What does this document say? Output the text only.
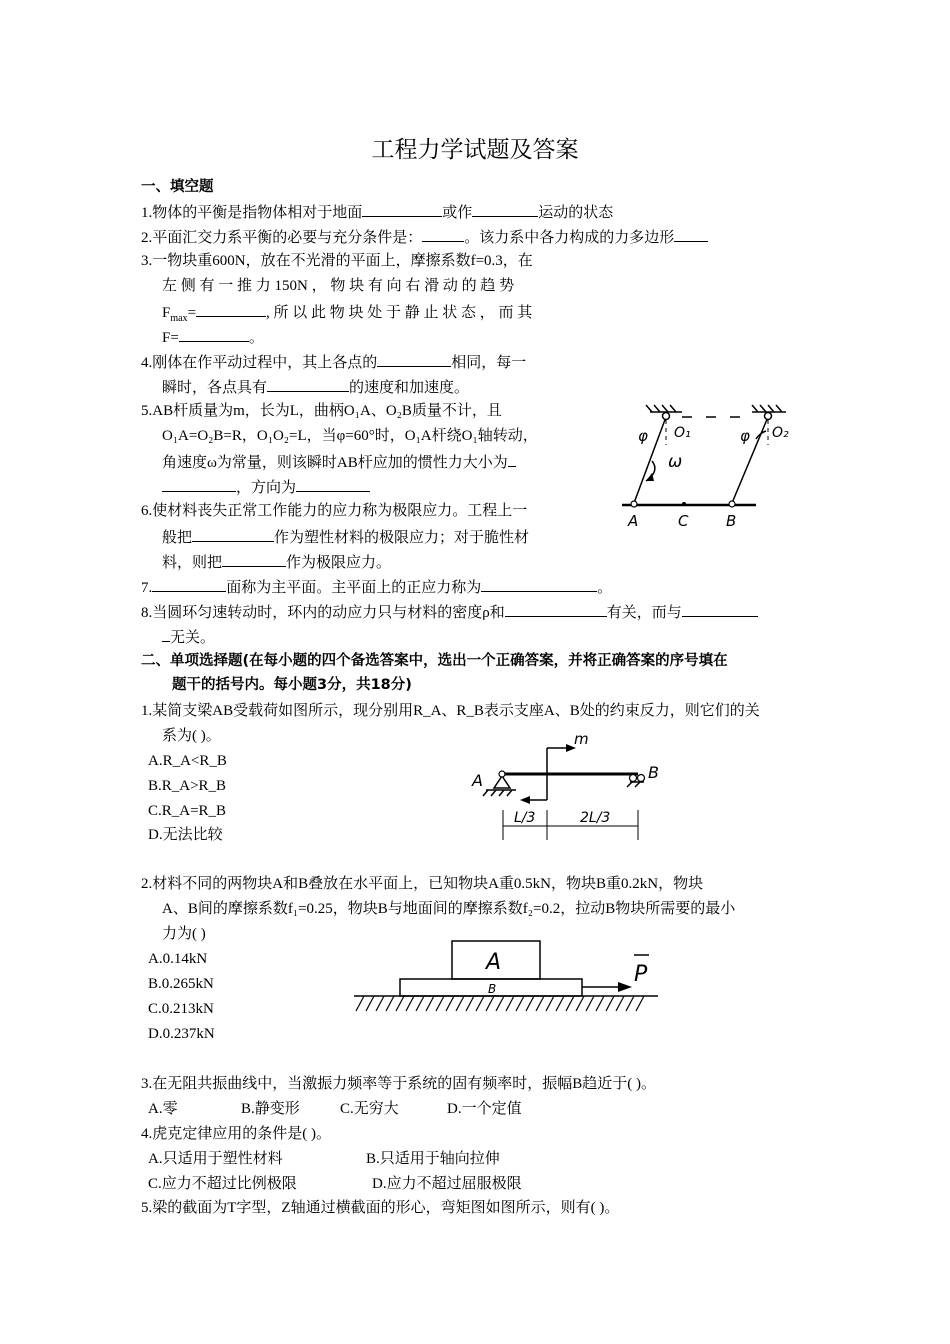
工程力学试题及答案
一、填空题
1.物体的平衡是指物体相对于地面	或作	运动的状态
2.平面汇交力系平衡的必要与充分条件是：	。该力系中各力构成的力多边形
3.一物块重600N，放在不光滑的平面上，摩擦系数f=0.3，在
左 侧 有 一 推 力 150N ， 物 块 有 向 右 滑 动 的 趋 势
$F_{max}=$	, 所 以 此 物 块 处 于 静 止 状 态 ， 而 其
F=	。
4.刚体在作平动过程中，其上各点的	相同，每一
瞬时，各点具有	的速度和加速度。
5.AB杆质量为m，长为L，曲柄O₁A、O₂B质量不计，且
O₁A=O₂B=R，O₁O₂=L，当φ=60°时，O₁A杆绕O₁轴转动，
角速度ω为常量，则该瞬时AB杆应加的惯性力大小为
，方向为
6.使材料丧失正常工作能力的应力称为极限应力。工程上一
般把	作为塑性材料的极限应力；对于脆性材
料，则把	作为极限应力。
7.	面称为主平面。主平面上的正应力称为	。
8.当圆环匀速转动时，环内的动应力只与材料的密度ρ和	有关，而与
无关。
φ O₁	φ O₂
ω
A	C	B
二、单项选择题(在每小题的四个备选答案中，选出一个正确答案，并将正确答案的序号填在
题干的括号内。每小题3分，共18分)
1.某简支梁AB受载荷如图所示，现分别用R_A、R_B表示支座A、B处的约束反力，则它们的关
系为( )。
A.R_A<R_B
B.R_A>R_B
C.R_A=R_B
D.无法比较
m
A	B
L/3	2L/3
2.材料不同的两物块A和B叠放在水平面上，已知物块A重0.5kN，物块B重0.2kN，物块
A、B间的摩擦系数f₁=0.25，物块B与地面间的摩擦系数f₂=0.2，拉动B物块所需要的最小
力为( )
A.0.14kN
B.0.265kN
C.0.213kN
D.0.237kN
A
B
P
3.在无阻共振曲线中，当激振力频率等于系统的固有频率时，振幅B趋近于( )。
A.零	B.静变形	C.无穷大	D.一个定值
4.虎克定律应用的条件是( )。
A.只适用于塑性材料	B.只适用于轴向拉伸
C.应力不超过比例极限	D.应力不超过屈服极限
5.梁的截面为T字型，Z轴通过横截面的形心，弯矩图如图所示，则有( )。
